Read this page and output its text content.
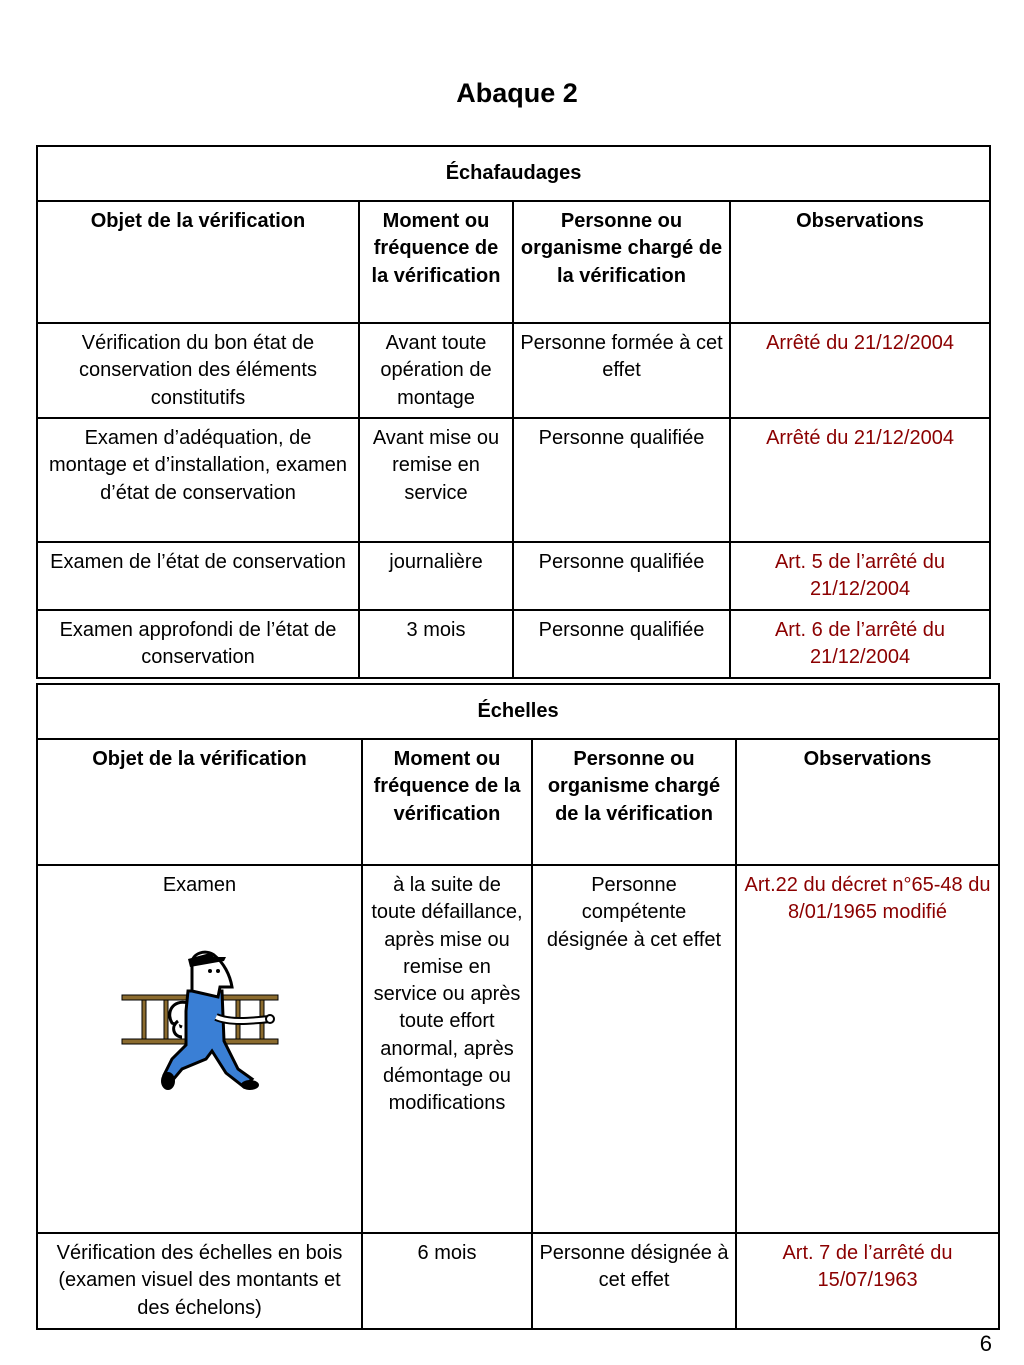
Abaque 2
Échafaudages			
Objet de la vérification	Moment ou fréquence de la vérification	Personne ou organisme chargé de la vérification	Observations
Vérification du bon état de conservation des éléments constitutifs	Avant toute opération de montage	Personne formée à cet effet	Arrêté du 21/12/2004
Examen d’adéquation, de montage et d’installation, examen d’état de conservation	Avant mise ou remise en service	Personne qualifiée	Arrêté du 21/12/2004
Examen de l’état de conservation	journalière	Personne qualifiée	Art. 5 de l’arrêté du 21/12/2004
Examen approfondi de l’état de conservation	3 mois	Personne qualifiée	Art. 6 de l’arrêté du 21/12/2004
Échelles			
Objet de la vérification	Moment ou fréquence de la vérification	Personne ou organisme chargé de la vérification	Observations

Examen	à la suite de toute défaillance, après mise ou remise en service ou après toute effort anormal, après démontage ou modifications	Personne compétente désignée à cet effet	Art.22 du décret n°65-48 du 8/01/1965 modifié
Vérification des échelles en bois (examen visuel des montants et des échelons)	6 mois	Personne désignée à cet effet	Art. 7 de l’arrêté du 15/07/1963
6
